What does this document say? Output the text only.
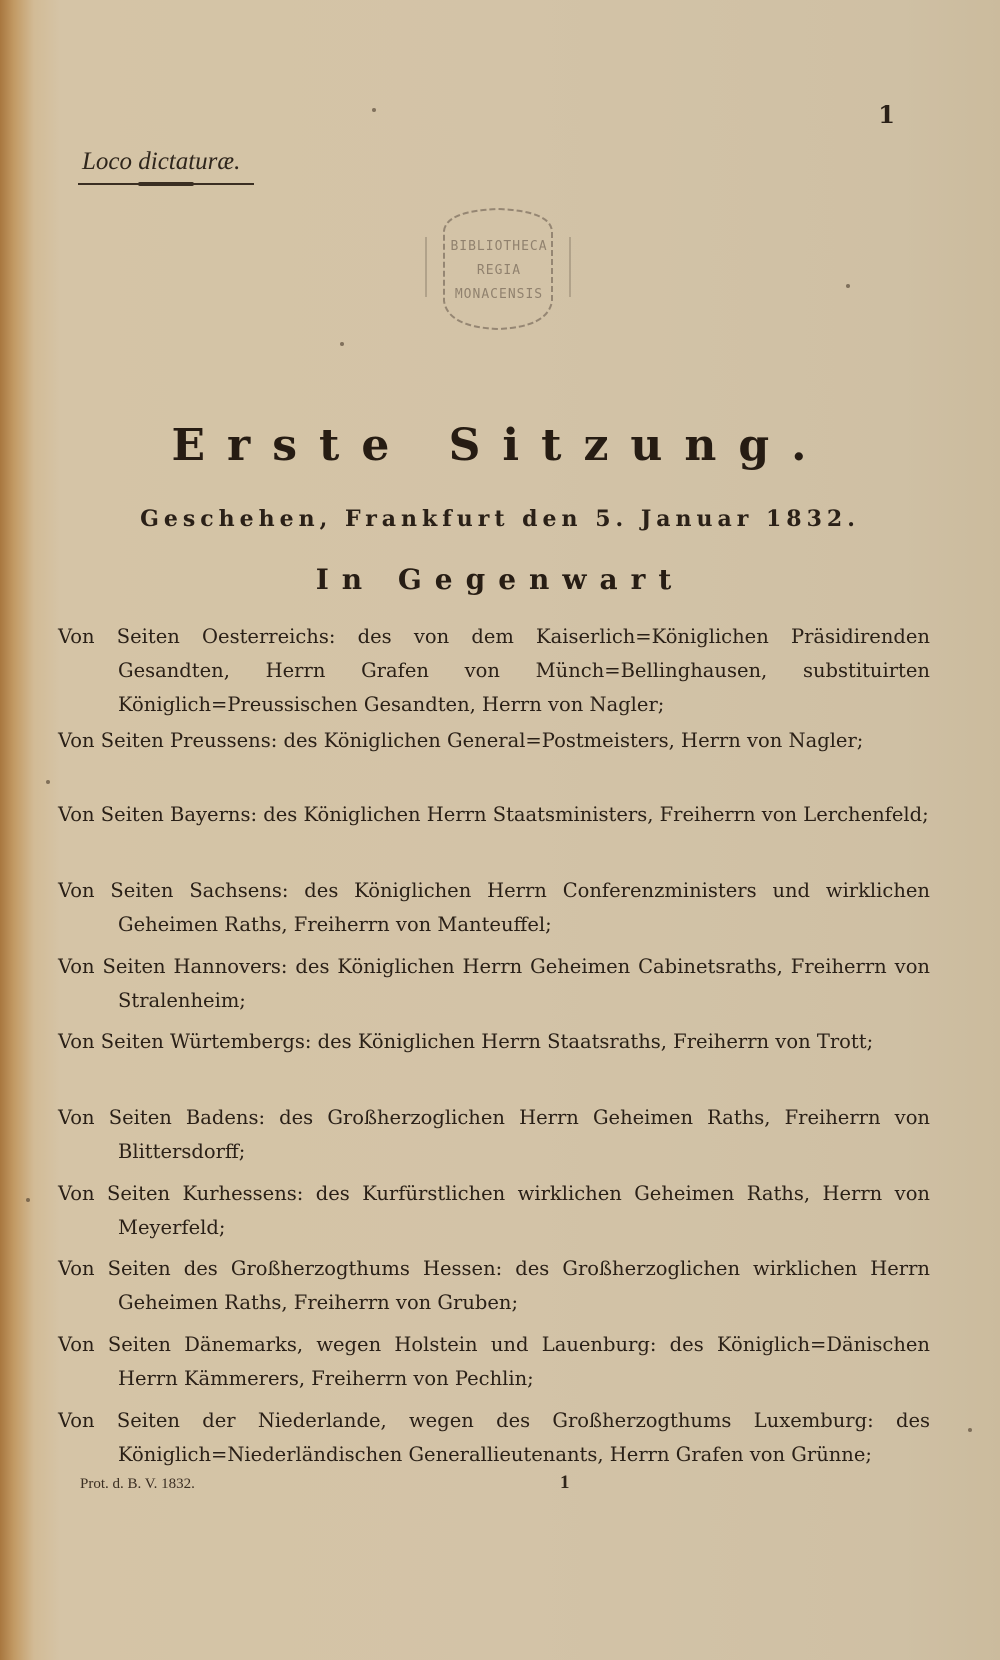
1
Loco dictaturæ.
BIBLIOTHECA
REGIA
MONACENSIS
Erste Sitzung.
Geschehen, Frankfurt den 5. Januar 1832.
In Gegenwart
Von Seiten Oesterreichs: des von dem Kaiserlich=Königlichen Präsidirenden Gesandten, Herrn Grafen von Münch=Bellinghausen, substituirten Königlich=Preussischen Gesandten, Herrn von Nagler;
Von Seiten Preussens: des Königlichen General=Postmeisters, Herrn von Nagler;
Von Seiten Bayerns: des Königlichen Herrn Staatsministers, Freiherrn von Lerchenfeld;
Von Seiten Sachsens: des Königlichen Herrn Conferenzministers und wirklichen Geheimen Raths, Freiherrn von Manteuffel;
Von Seiten Hannovers: des Königlichen Herrn Geheimen Cabinetsraths, Freiherrn von Stralenheim;
Von Seiten Würtembergs: des Königlichen Herrn Staatsraths, Freiherrn von Trott;
Von Seiten Badens: des Großherzoglichen Herrn Geheimen Raths, Freiherrn von Blittersdorff;
Von Seiten Kurhessens: des Kurfürstlichen wirklichen Geheimen Raths, Herrn von Meyerfeld;
Von Seiten des Großherzogthums Hessen: des Großherzoglichen wirklichen Herrn Geheimen Raths, Freiherrn von Gruben;
Von Seiten Dänemarks, wegen Holstein und Lauenburg: des Königlich=Dänischen Herrn Kämmerers, Freiherrn von Pechlin;
Von Seiten der Niederlande, wegen des Großherzogthums Luxemburg: des Königlich=Niederländischen Generallieutenants, Herrn Grafen von Grünne;
Prot. d. B. V. 1832.	1
